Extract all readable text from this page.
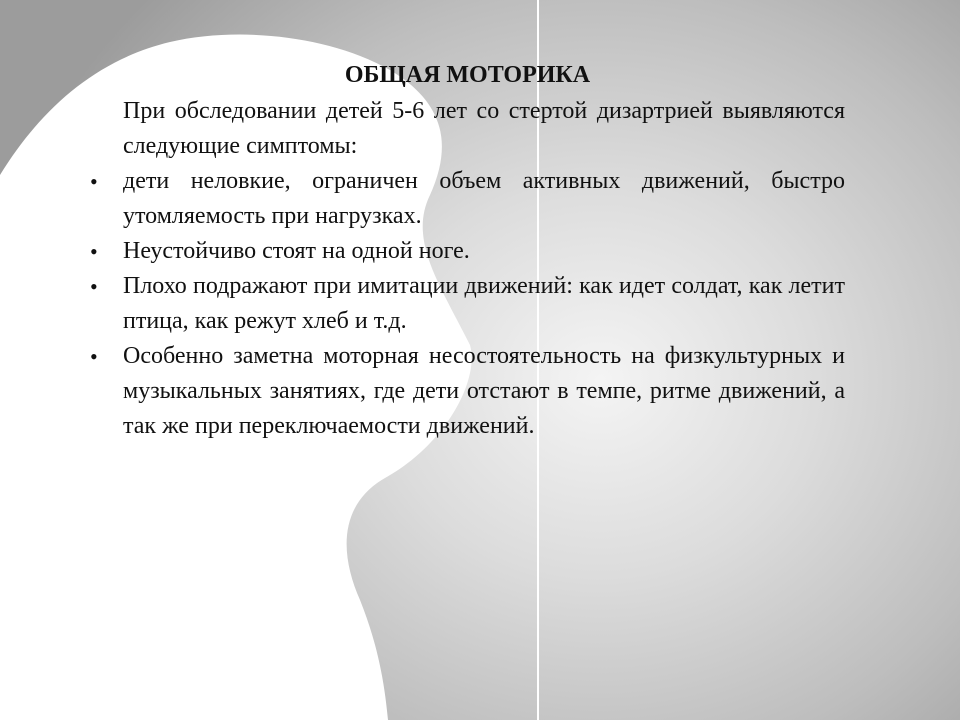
ОБЩАЯ МОТОРИКА

При обследовании детей 5-6 лет со стертой дизартрией выявляются следующие симптомы:

•	дети неловкие, ограничен объем активных движений, быстро утомляемость при нагрузках.
•	Неустойчиво стоят на одной ноге.
•	Плохо подражают при имитации движений: как идет солдат, как летит птица, как режут хлеб и т.д.
•	Особенно заметна моторная несостоятельность на физкультурных и музыкальных занятиях, где дети отстают в темпе, ритме движений, а так же при переключаемости движений.
